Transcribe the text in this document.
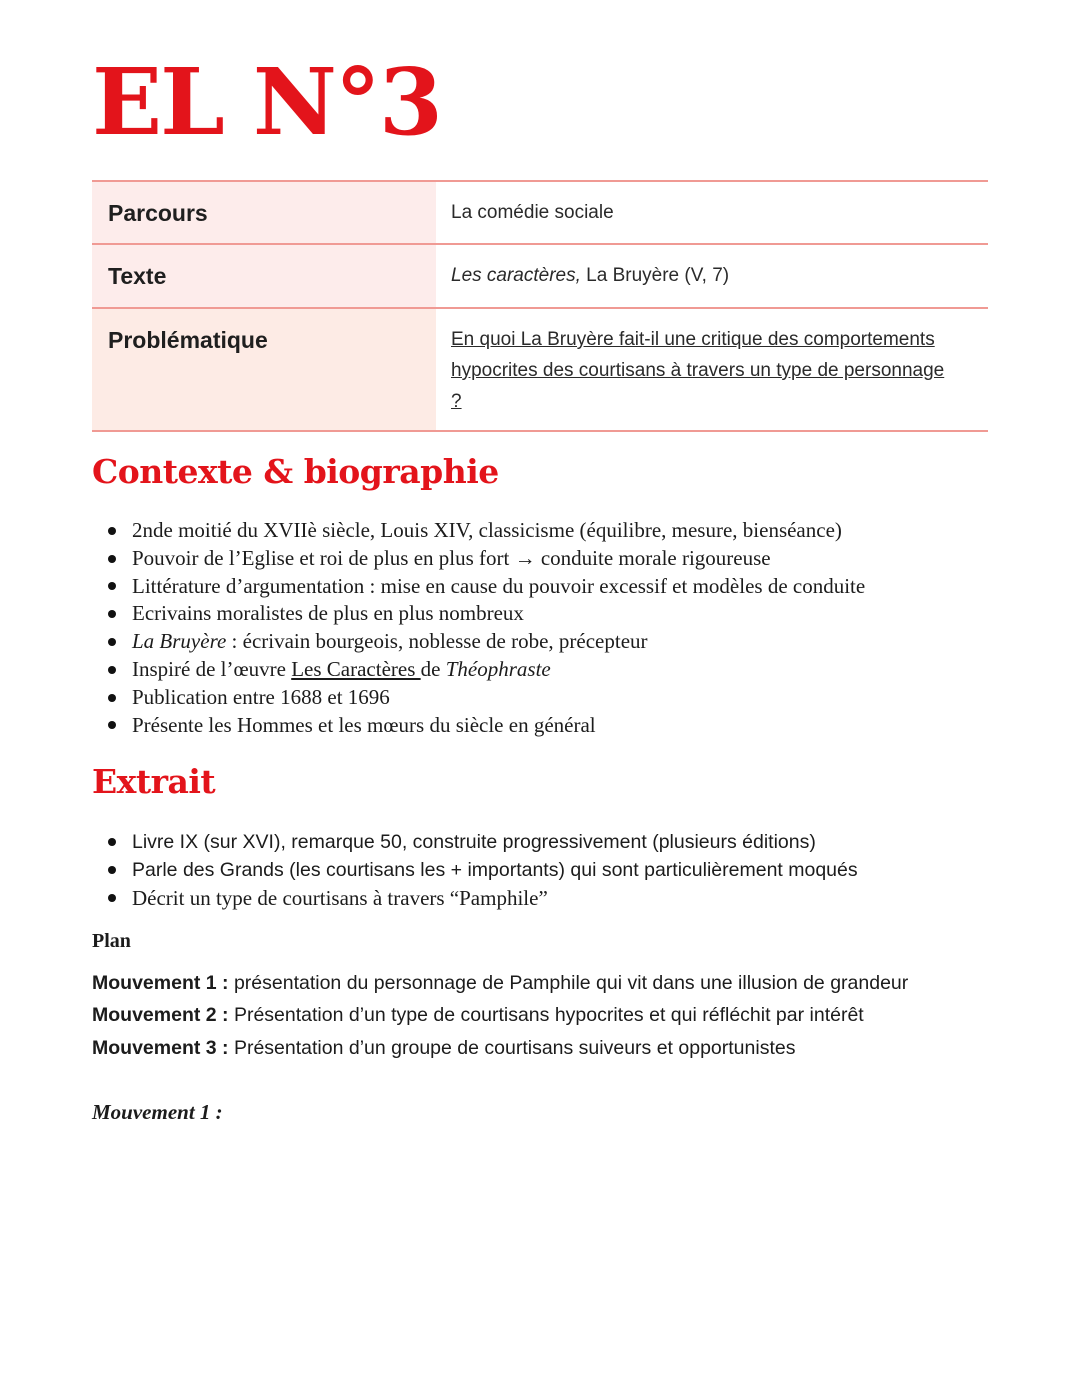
EL N°3
Parcours	La comédie sociale
Texte	Les caractères, La Bruyère (V, 7)
Problématique	En quoi La Bruyère fait-il une critique des comportements hypocrites des courtisans à travers un type de personnage ?
Contexte & biographie
2nde moitié du XVIIè siècle, Louis XIV, classicisme (équilibre, mesure, bienséance)
Pouvoir de l’Eglise et roi de plus en plus fort → conduite morale rigoureuse
Littérature d’argumentation : mise en cause du pouvoir excessif et modèles de conduite
Ecrivains moralistes de plus en plus nombreux
La Bruyère : écrivain bourgeois, noblesse de robe, précepteur
Inspiré de l’œuvre Les Caractères de Théophraste
Publication entre 1688 et 1696
Présente les Hommes et les mœurs du siècle en général
Extrait
Livre IX (sur XVI), remarque 50, construite progressivement (plusieurs éditions)
Parle des Grands (les courtisans les + importants) qui sont particulièrement moqués
Décrit un type de courtisans à travers “Pamphile”
Plan
Mouvement 1 : présentation du personnage de Pamphile qui vit dans une illusion de grandeur
Mouvement 2 : Présentation d’un type de courtisans hypocrites et qui réfléchit par intérêt
Mouvement 3 : Présentation d’un groupe de courtisans suiveurs et opportunistes
Mouvement 1 :
